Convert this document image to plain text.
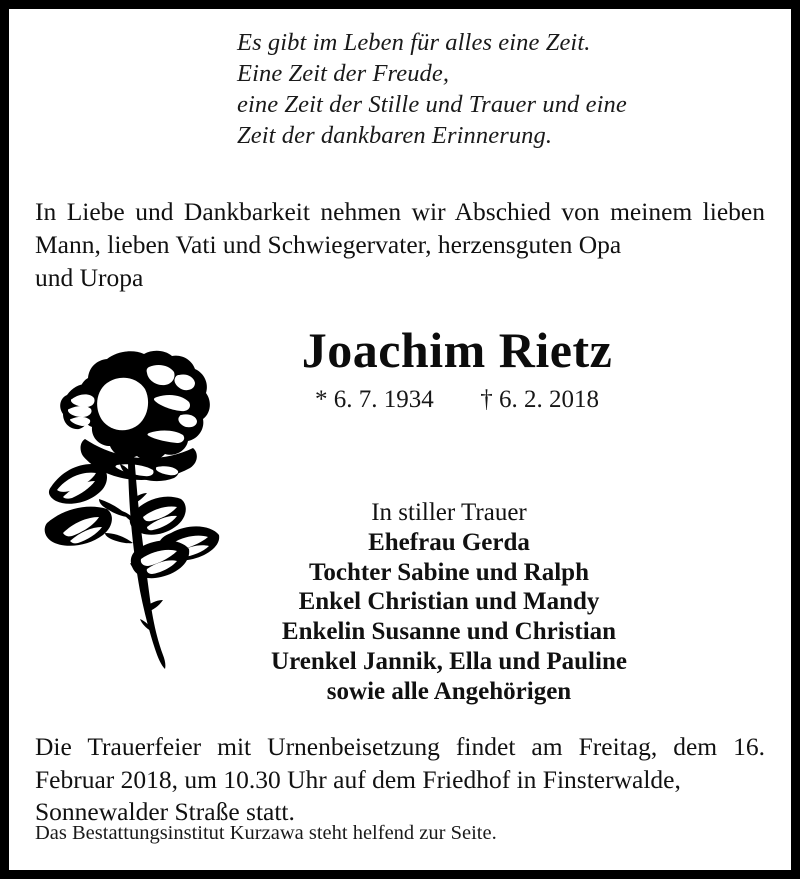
Es gibt im Leben für alles eine Zeit.
Eine Zeit der Freude,
eine Zeit der Stille und Trauer und eine
Zeit der dankbaren Erinnerung.
In Liebe und Dankbarkeit nehmen wir Abschied von meinem lieben Mann, lieben Vati und Schwiegervater, herzensguten Opa
und Uropa
Joachim Rietz
* 6. 7. 1934 † 6. 2. 2018
In stiller Trauer
Ehefrau Gerda
Tochter Sabine und Ralph
Enkel Christian und Mandy
Enkelin Susanne und Christian
Urenkel Jannik, Ella und Pauline
sowie alle Angehörigen
Die Trauerfeier mit Urnenbeisetzung findet am Freitag, dem 16. Februar 2018, um 10.30 Uhr auf dem Friedhof in Finsterwalde,
Sonnewalder Straße statt.
Das Bestattungsinstitut Kurzawa steht helfend zur Seite.
